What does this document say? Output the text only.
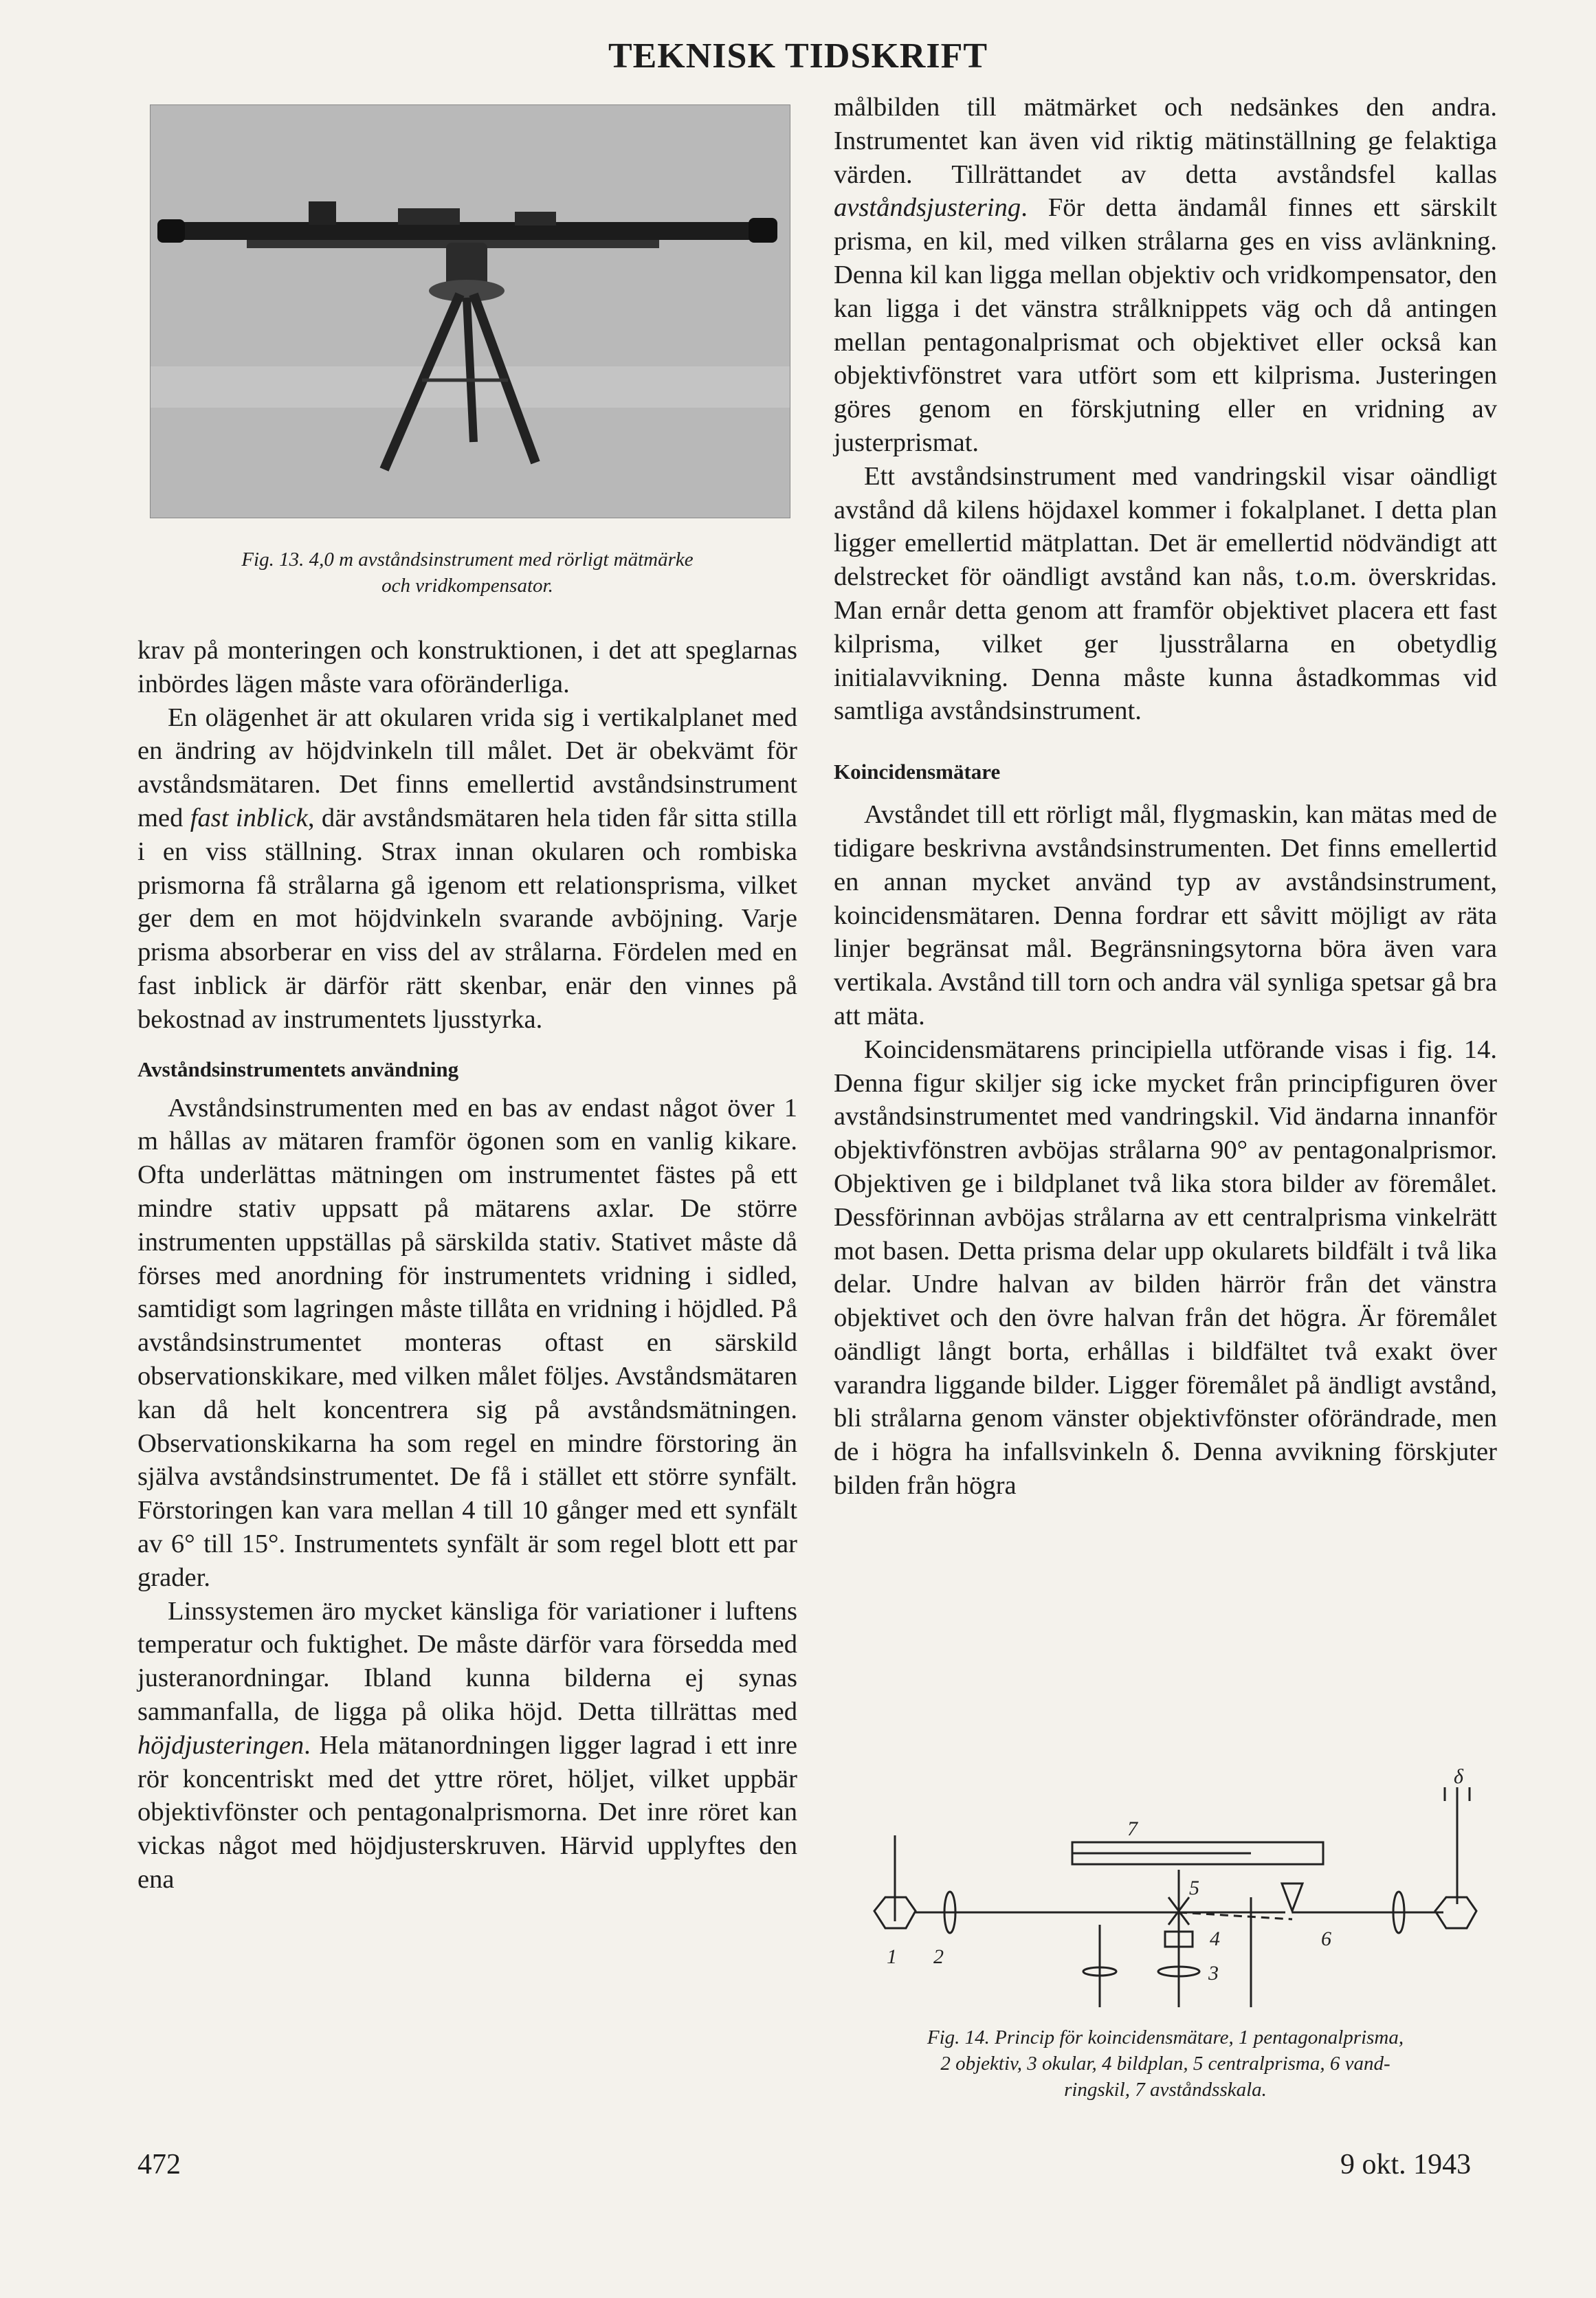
TEKNISK TIDSKRIFT
Fig. 13. 4,0 m avståndsinstrument med rörligt mätmärke
och vridkompensator.

krav på monteringen och konstruktionen, i det att speglarnas inbördes lägen måste vara oföränderliga.

En olägenhet är att okularen vrida sig i vertikalplanet med en ändring av höjdvinkeln till målet. Det är obekvämt för avståndsmätaren. Det finns emellertid avståndsinstrument med fast inblick, där avståndsmätaren hela tiden får sitta stilla i en viss ställning. Strax innan okularen och rombiska prismorna få strålarna gå igenom ett relationsprisma, vilket ger dem en mot höjdvinkeln svarande avböjning. Varje prisma absorberar en viss del av strålarna. Fördelen med en fast inblick är därför rätt skenbar, enär den vinnes på bekostnad av instrumentets ljusstyrka.

Avståndsinstrumentets användning

Avståndsinstrumenten med en bas av endast något över 1 m hållas av mätaren framför ögonen som en vanlig kikare. Ofta underlättas mätningen om instrumentet fästes på ett mindre stativ uppsatt på mätarens axlar. De större instrumenten uppställas på särskilda stativ. Stativet måste då förses med anordning för instrumentets vridning i sidled, samtidigt som lagringen måste tillåta en vridning i höjdled. På avståndsinstrumentet monteras oftast en särskild observationskikare, med vilken målet följes. Avståndsmätaren kan då helt koncentrera sig på avståndsmätningen. Observationskikarna ha som regel en mindre förstoring än själva avståndsinstrumentet. De få i stället ett större synfält. Förstoringen kan vara mellan 4 till 10 gånger med ett synfält av 6° till 15°. Instrumentets synfält är som regel blott ett par grader.

Linssystemen äro mycket känsliga för variationer i luftens temperatur och fuktighet. De måste därför vara försedda med justeranordningar. Ibland kunna bilderna ej synas sammanfalla, de ligga på olika höjd. Detta tillrättas med höjdjusteringen. Hela mätanordningen ligger lagrad i ett inre rör koncentriskt med det yttre röret, höljet, vilket uppbär objektivfönster och pentagonalprismorna. Det inre röret kan vickas något med höjdjusterskruven. Härvid upplyftes den ena

målbilden till mätmärket och nedsänkes den andra. Instrumentet kan även vid riktig mätinställning ge felaktiga värden. Tillrättandet av detta avståndsfel kallas avståndsjustering. För detta ändamål finnes ett särskilt prisma, en kil, med vilken strålarna ges en viss avlänkning. Denna kil kan ligga mellan objektiv och vridkompensator, den kan ligga i det vänstra strålknippets väg och då antingen mellan pentagonalprismat och objektivet eller också kan objektivfönstret vara utfört som ett kilprisma. Justeringen göres genom en förskjutning eller en vridning av justerprismat.

Ett avståndsinstrument med vandringskil visar oändligt avstånd då kilens höjdaxel kommer i fokalplanet. I detta plan ligger emellertid mätplattan. Det är emellertid nödvändigt att delstrecket för oändligt avstånd kan nås, t.o.m. överskridas. Man ernår detta genom att framför objektivet placera ett fast kilprisma, vilket ger ljusstrålarna en obetydlig initialavvikning. Denna måste kunna åstadkommas vid samtliga avståndsinstrument.

Koincidensmätare

Avståndet till ett rörligt mål, flygmaskin, kan mätas med de tidigare beskrivna avståndsinstrumenten. Det finns emellertid en annan mycket använd typ av avståndsinstrument, koincidensmätaren. Denna fordrar ett såvitt möjligt av räta linjer begränsat mål. Begränsningsytorna böra även vara vertikala. Avstånd till torn och andra väl synliga spetsar gå bra att mäta.

Koincidensmätarens principiella utförande visas i fig. 14. Denna figur skiljer sig icke mycket från principfiguren över avståndsinstrumentet med vandringskil. Vid ändarna innanför objektivfönstren avböjas strålarna 90° av pentagonalprismor. Objektiven ge i bildplanet två lika stora bilder av föremålet. Dessförinnan avböjas strålarna av ett centralprisma vinkelrätt mot basen. Detta prisma delar upp okularets bildfält i två lika delar. Undre halvan av bilden härrör från det vänstra objektivet och den övre halvan från det högra. Är föremålet oändligt långt borta, erhållas i bildfältet två exakt över varandra liggande bilder. Ligger föremålet på ändligt avstånd, bli strålarna genom vänster objektivfönster oförändrade, men de i högra ha infallsvinkeln δ. Denna avvikning förskjuter bilden från högra

1 2
3
4
5
6
7
δ
Fig. 14. Princip för koincidensmätare, 1 pentagonalprisma,
2 objektiv, 3 okular, 4 bildplan, 5 centralprisma, 6 vand-
ringskil, 7 avståndsskala.
472	9 okt. 1943
